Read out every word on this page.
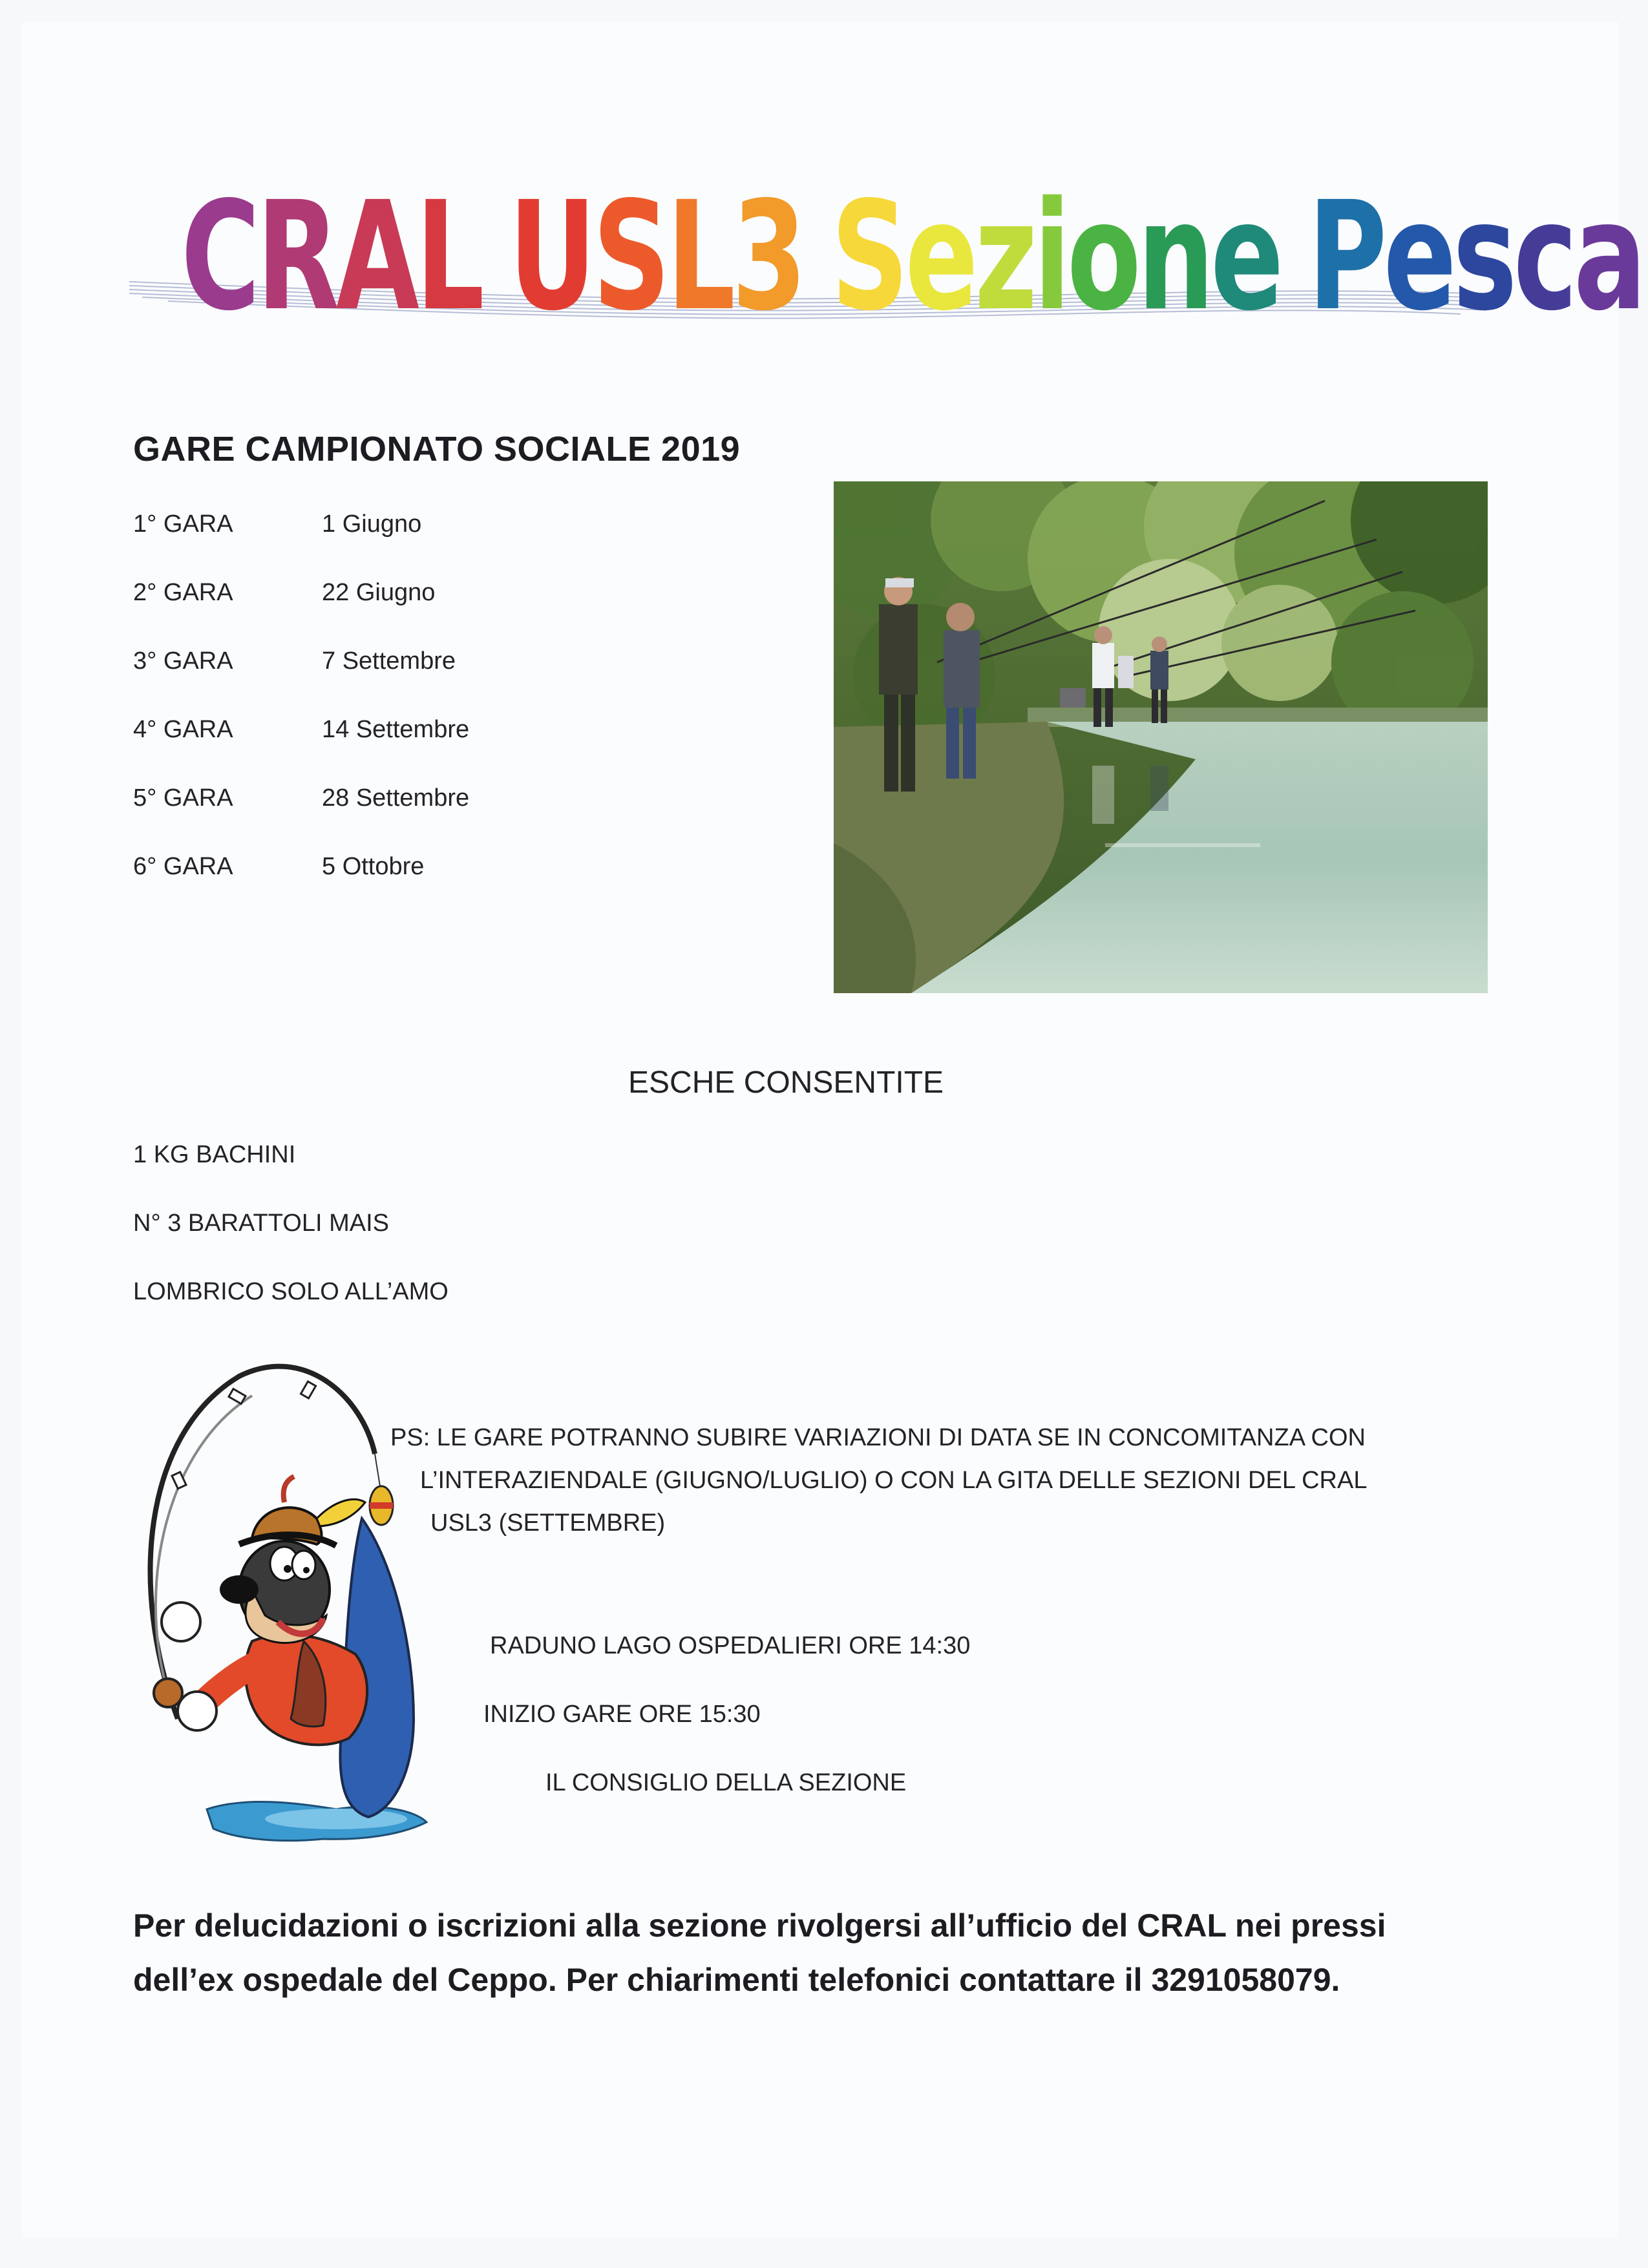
CRAL USL3 Sezione Pesca
GARE CAMPIONATO SOCIALE 2019
1° GARA	1 Giugno
2° GARA	22 Giugno
3° GARA	7 Settembre
4° GARA	14 Settembre
5° GARA	28 Settembre
6° GARA	5 Ottobre
ESCHE CONSENTITE
1 KG BACHINI
N° 3 BARATTOLI MAIS
LOMBRICO SOLO ALL’AMO

PS: LE GARE POTRANNO SUBIRE VARIAZIONI DI DATA SE IN CONCOMITANZA CON
L’INTERAZIENDALE (GIUGNO/LUGLIO) O CON LA GITA DELLE SEZIONI DEL CRAL
USL3 (SETTEMBRE)

RADUNO LAGO OSPEDALIERI ORE 14:30

INIZIO GARE ORE 15:30

IL CONSIGLIO DELLA SEZIONE

Per delucidazioni o iscrizioni alla sezione rivolgersi all’ufficio del CRAL nei pressi
dell’ex ospedale del Ceppo. Per chiarimenti telefonici contattare il 3291058079.
